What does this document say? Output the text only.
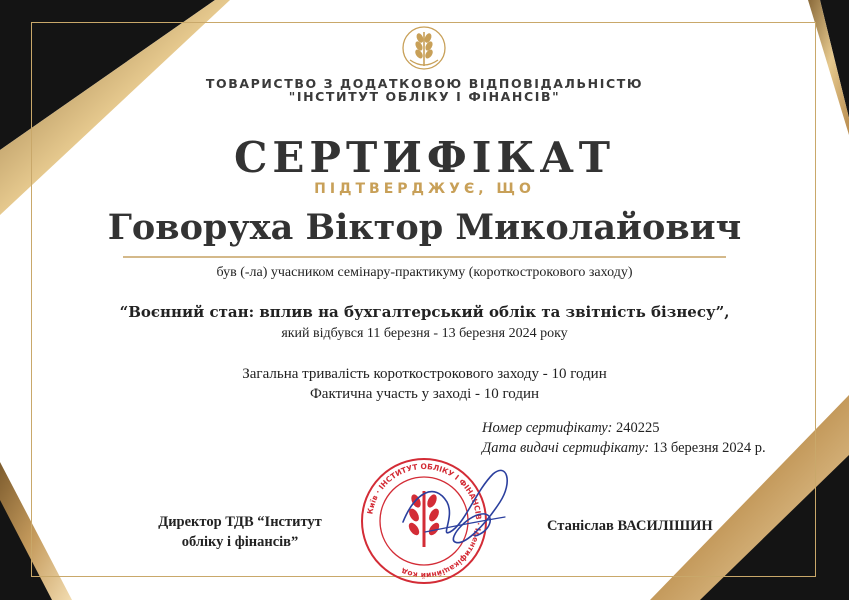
ТОВАРИСТВО З ДОДАТКОВОЮ ВІДПОВІДАЛЬНІСТЮ
"ІНСТИТУТ ОБЛІКУ І ФІНАНСІВ"
СЕРТИФІКАТ
ПІДТВЕРДЖУЄ, ЩО
Говоруха Віктор Миколайович
був (-ла) учасником семінару-практикуму (короткострокового заходу)
“Воєнний стан: вплив на бухгалтерський облік та звітність бізнесу”,
який відбувся 11 березня - 13 березня 2024 року
Загальна тривалість короткострокового заходу - 10 годин
Фактична участь у заході - 10 годин
Номер сертифікату: 240225
Дата видачі сертифікату: 13 березня 2024 р.
Директор ТДВ “Інститут
обліку і фінансів”
Київ · ІНСТИТУТ ОБЛІКУ І ФІНАНСІВ · Ідентифікаційний код
Станіслав ВАСИЛІШИН
